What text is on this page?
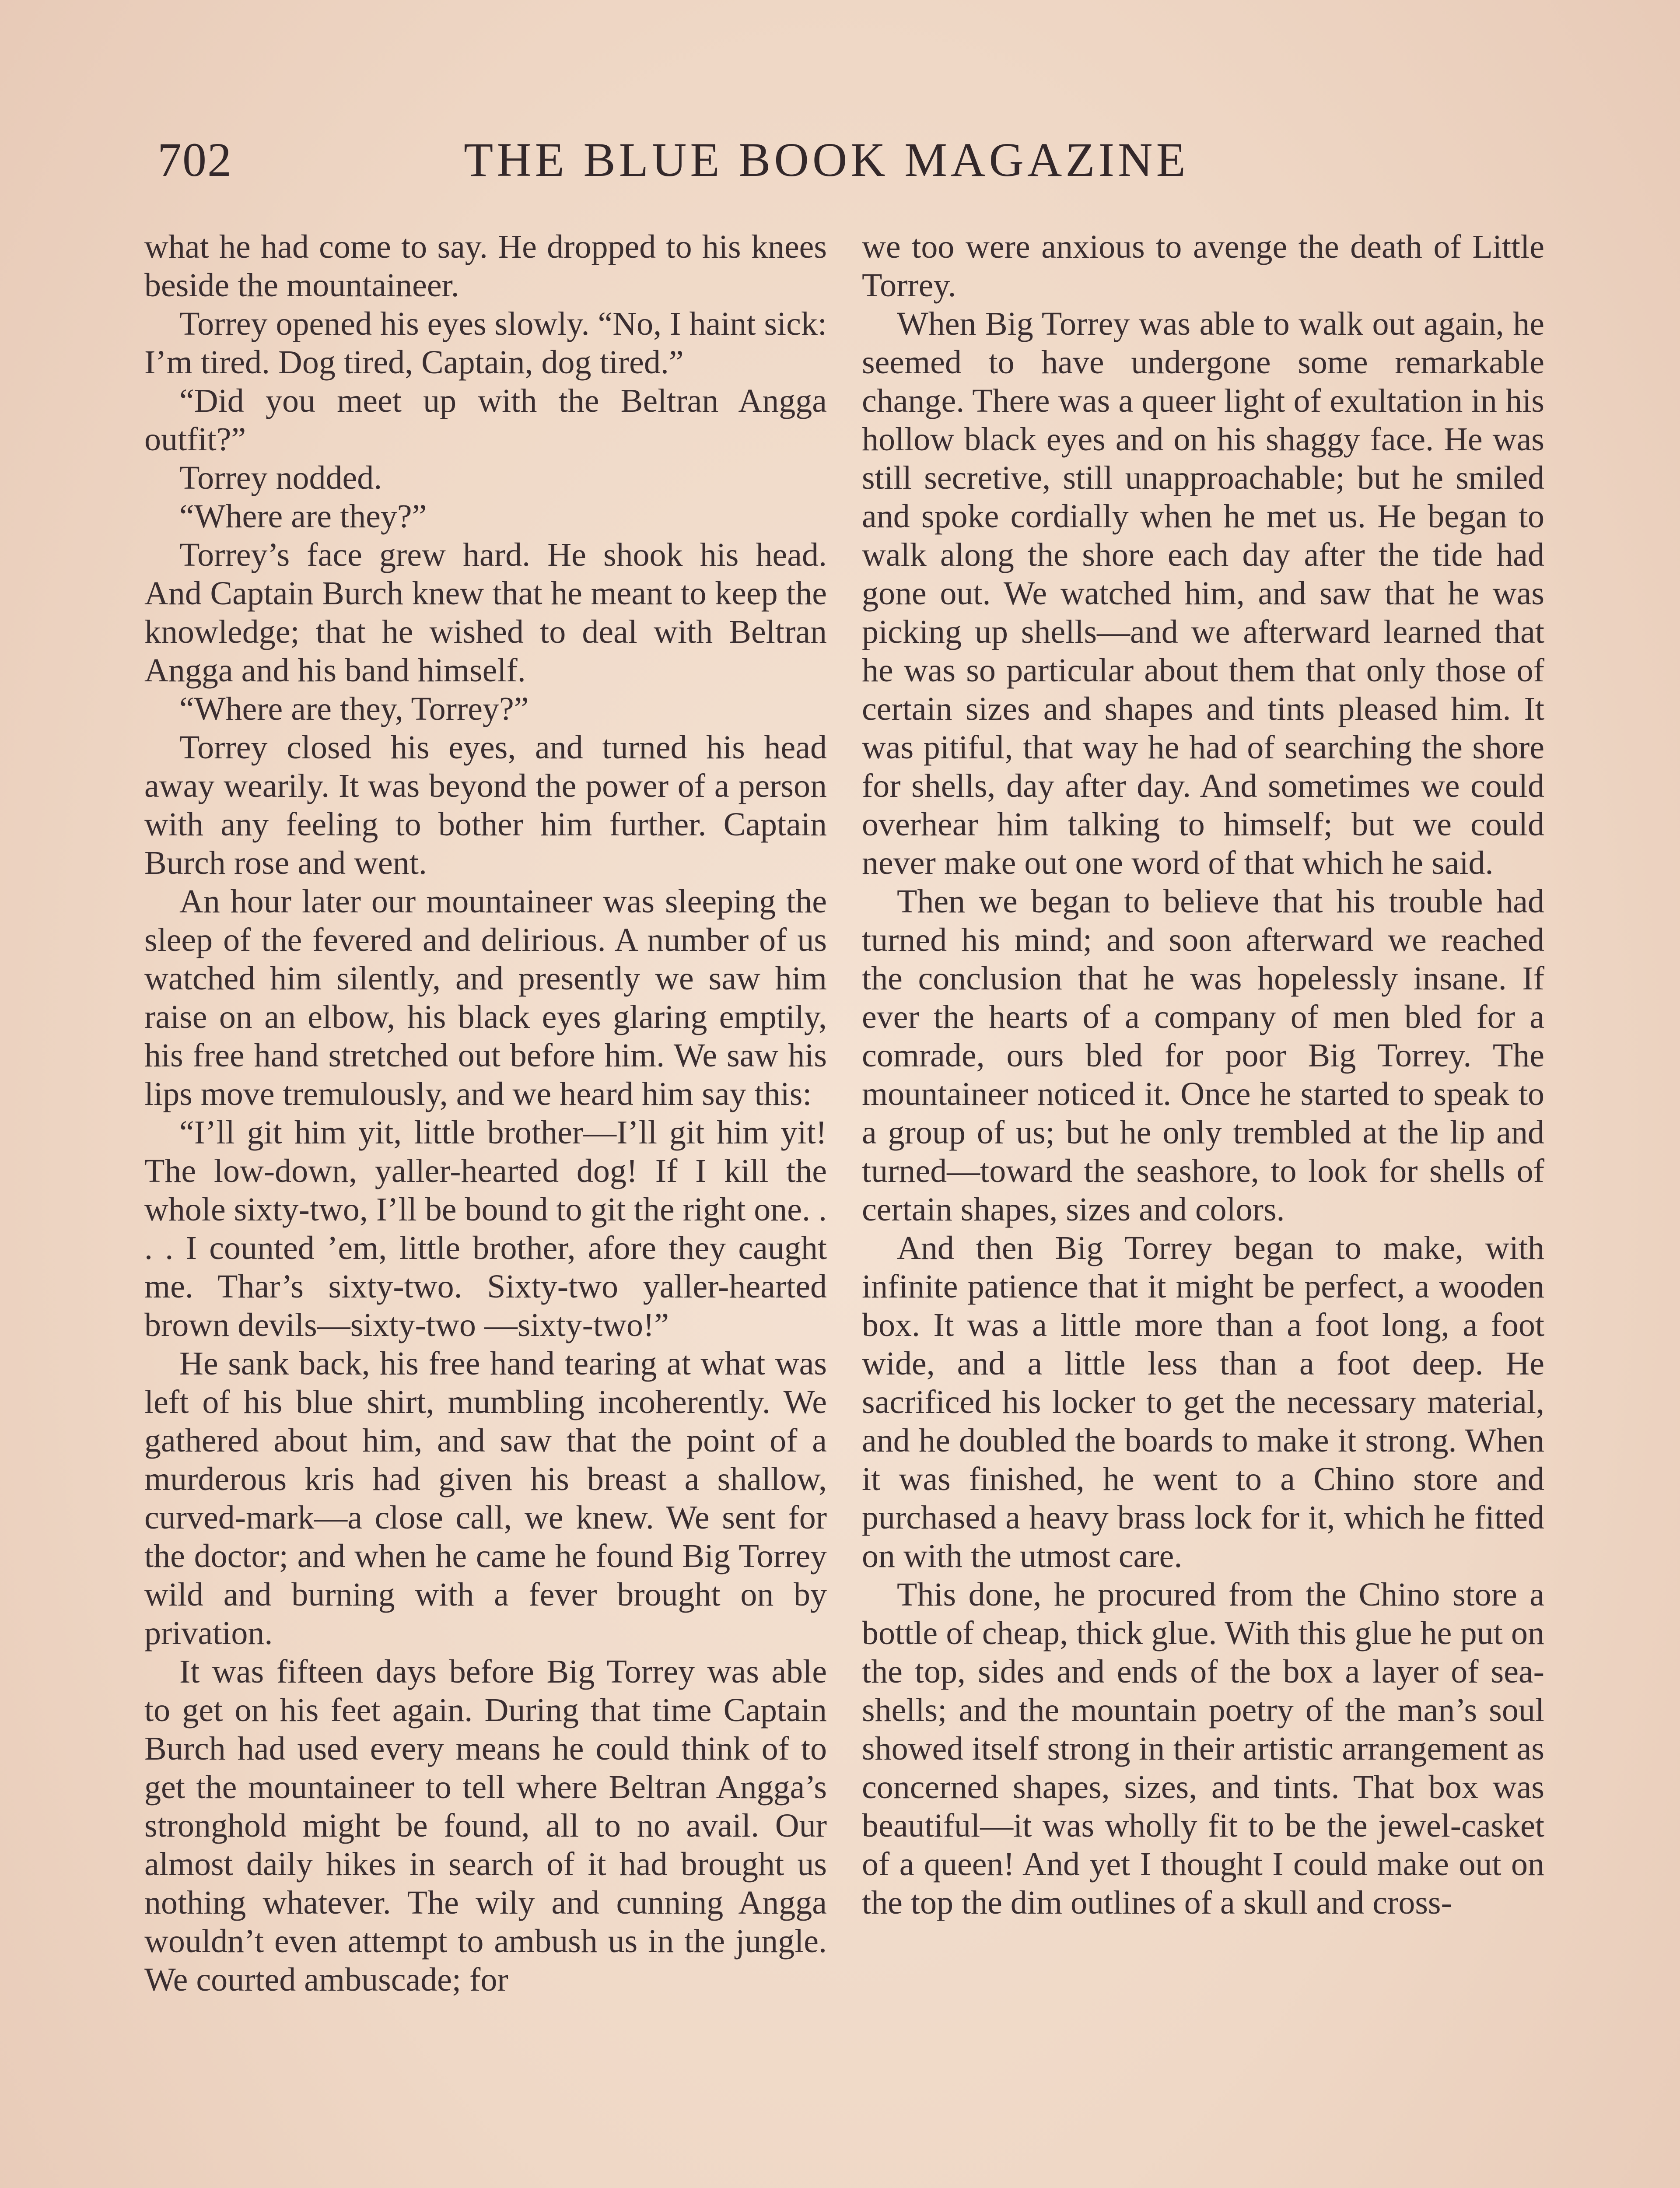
702	THE BLUE BOOK MAGAZINE

what he had come to say. He dropped to his knees beside the mountaineer.

Torrey opened his eyes slowly. “No, I haint sick: I’m tired. Dog tired, Captain, dog tired.”

“Did you meet up with the Beltran Angga outfit?”

Torrey nodded.

“Where are they?”

Torrey’s face grew hard. He shook his head. And Captain Burch knew that he meant to keep the knowledge; that he wished to deal with Beltran Angga and his band himself.

“Where are they, Torrey?”

Torrey closed his eyes, and turned his head away wearily. It was beyond the power of a person with any feeling to bother him further. Captain Burch rose and went.

An hour later our mountaineer was sleeping the sleep of the fevered and delirious. A number of us watched him silently, and presently we saw him raise on an elbow, his black eyes glaring emptily, his free hand stretched out before him. We saw his lips move tremulously, and we heard him say this:

“I’ll git him yit, little brother—I’ll git him yit! The low-down, yaller-hearted dog! If I kill the whole sixty-two, I’ll be bound to git the right one. . . . I counted ’em, little brother, afore they caught me. Thar’s sixty-two. Sixty-two yaller-hearted brown devils—sixty-two —sixty-two!”

He sank back, his free hand tearing at what was left of his blue shirt, mumbling incoherently. We gathered about him, and saw that the point of a murderous kris had given his breast a shallow, curved-mark—a close call, we knew. We sent for the doctor; and when he came he found Big Torrey wild and burning with a fever brought on by privation.

It was fifteen days before Big Torrey was able to get on his feet again. During that time Captain Burch had used every means he could think of to get the mountaineer to tell where Beltran Angga’s stronghold might be found, all to no avail. Our almost daily hikes in search of it had brought us nothing whatever. The wily and cunning Angga wouldn’t even attempt to ambush us in the jungle. We courted ambuscade; for

we too were anxious to avenge the death of Little Torrey.

When Big Torrey was able to walk out again, he seemed to have undergone some remarkable change. There was a queer light of exultation in his hollow black eyes and on his shaggy face. He was still secretive, still unapproachable; but he smiled and spoke cordially when he met us. He began to walk along the shore each day after the tide had gone out. We watched him, and saw that he was picking up shells—and we afterward learned that he was so particular about them that only those of certain sizes and shapes and tints pleased him. It was pitiful, that way he had of searching the shore for shells, day after day. And sometimes we could overhear him talking to himself; but we could never make out one word of that which he said.

Then we began to believe that his trouble had turned his mind; and soon afterward we reached the conclusion that he was hopelessly insane. If ever the hearts of a company of men bled for a comrade, ours bled for poor Big Torrey. The mountaineer noticed it. Once he started to speak to a group of us; but he only trembled at the lip and turned—toward the seashore, to look for shells of certain shapes, sizes and colors.

And then Big Torrey began to make, with infinite patience that it might be perfect, a wooden box. It was a little more than a foot long, a foot wide, and a little less than a foot deep. He sacrificed his locker to get the necessary material, and he doubled the boards to make it strong. When it was finished, he went to a Chino store and purchased a heavy brass lock for it, which he fitted on with the utmost care.

This done, he procured from the Chino store a bottle of cheap, thick glue. With this glue he put on the top, sides and ends of the box a layer of sea-shells; and the mountain poetry of the man’s soul showed itself strong in their artistic arrangement as concerned shapes, sizes, and tints. That box was beautiful—it was wholly fit to be the jewel-casket of a queen! And yet I thought I could make out on the top the dim outlines of a skull and cross-
